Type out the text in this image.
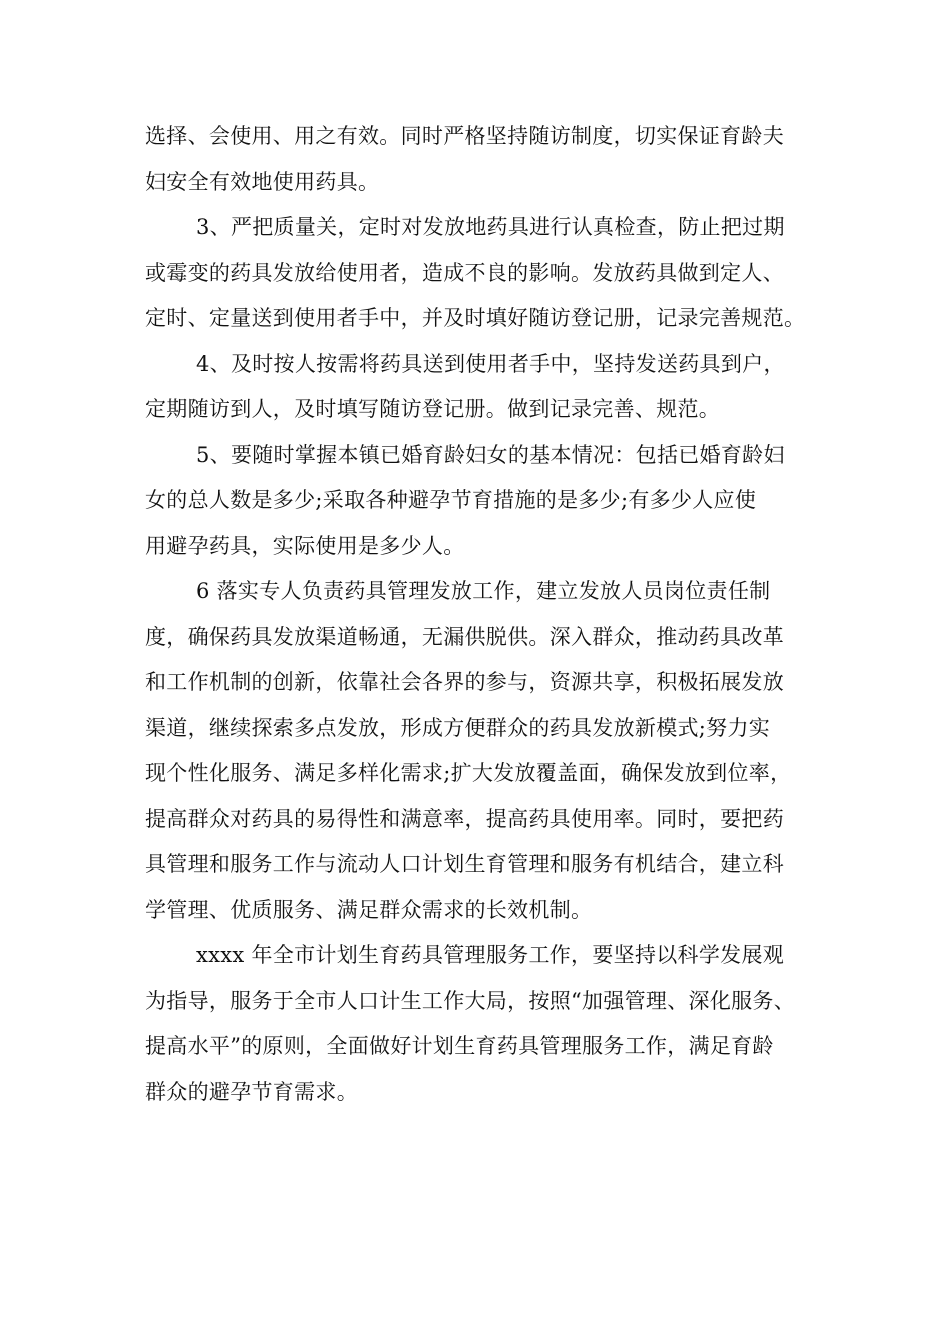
选择、会使用、用之有效。同时严格坚持随访制度，切实保证育龄夫
妇安全有效地使用药具。

3、严把质量关，定时对发放地药具进行认真检查，防止把过期
或霉变的药具发放给使用者，造成不良的影响。发放药具做到定人、
定时、定量送到使用者手中，并及时填好随访登记册，记录完善规范。

4、及时按人按需将药具送到使用者手中，坚持发送药具到户，
定期随访到人，及时填写随访登记册。做到记录完善、规范。

5、要随时掌握本镇已婚育龄妇女的基本情况：包括已婚育龄妇
女的总人数是多少;采取各种避孕节育措施的是多少;有多少人应使
用避孕药具，实际使用是多少人。

6 落实专人负责药具管理发放工作，建立发放人员岗位责任制
度，确保药具发放渠道畅通，无漏供脱供。深入群众，推动药具改革
和工作机制的创新，依靠社会各界的参与，资源共享，积极拓展发放
渠道，继续探索多点发放，形成方便群众的药具发放新模式;努力实
现个性化服务、满足多样化需求;扩大发放覆盖面，确保发放到位率，
提高群众对药具的易得性和满意率，提高药具使用率。同时，要把药
具管理和服务工作与流动人口计划生育管理和服务有机结合，建立科
学管理、优质服务、满足群众需求的长效机制。

xxxx 年全市计划生育药具管理服务工作，要坚持以科学发展观
为指导，服务于全市人口计生工作大局，按照“加强管理、深化服务、
提高水平”的原则，全面做好计划生育药具管理服务工作，满足育龄
群众的避孕节育需求。
